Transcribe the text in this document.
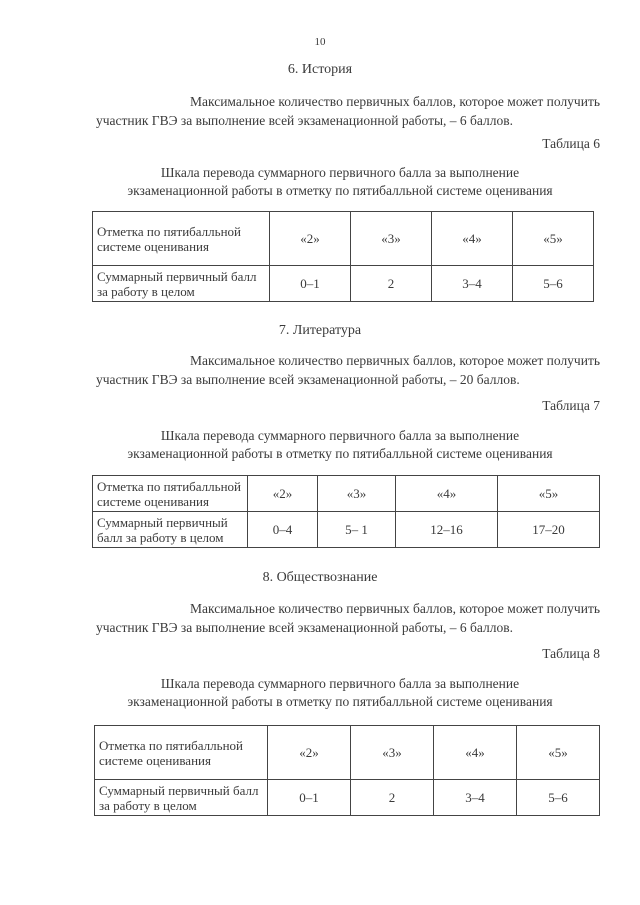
10
6. История
Максимальное количество первичных баллов, которое может получить
участник ГВЭ за выполнение всей экзаменационной работы, – 6 баллов.
Таблица 6
Шкала перевода суммарного первичного балла за выполнение
экзаменационной работы в отметку по пятибалльной системе оценивания
Отметка по пятибалльной системе оценивания	«2»	«3»	«4»	«5»
Суммарный первичный балл за работу в целом	0–1	2	3–4	5–6
7. Литература
Максимальное количество первичных баллов, которое может получить
участник ГВЭ за выполнение всей экзаменационной работы, – 20 баллов.
Таблица 7
Шкала перевода суммарного первичного балла за выполнение
экзаменационной работы в отметку по пятибалльной системе оценивания
Отметка по пятибалльной системе оценивания	«2»	«3»	«4»	«5»
Суммарный первичный балл за работу в целом	0–4	5– 1	12–16	17–20
8. Обществознание
Максимальное количество первичных баллов, которое может получить
участник ГВЭ за выполнение всей экзаменационной работы, – 6 баллов.
Таблица 8
Шкала перевода суммарного первичного балла за выполнение
экзаменационной работы в отметку по пятибалльной системе оценивания
Отметка по пятибалльной системе оценивания	«2»	«3»	«4»	«5»
Суммарный первичный балл за работу в целом	0–1	2	3–4	5–6
